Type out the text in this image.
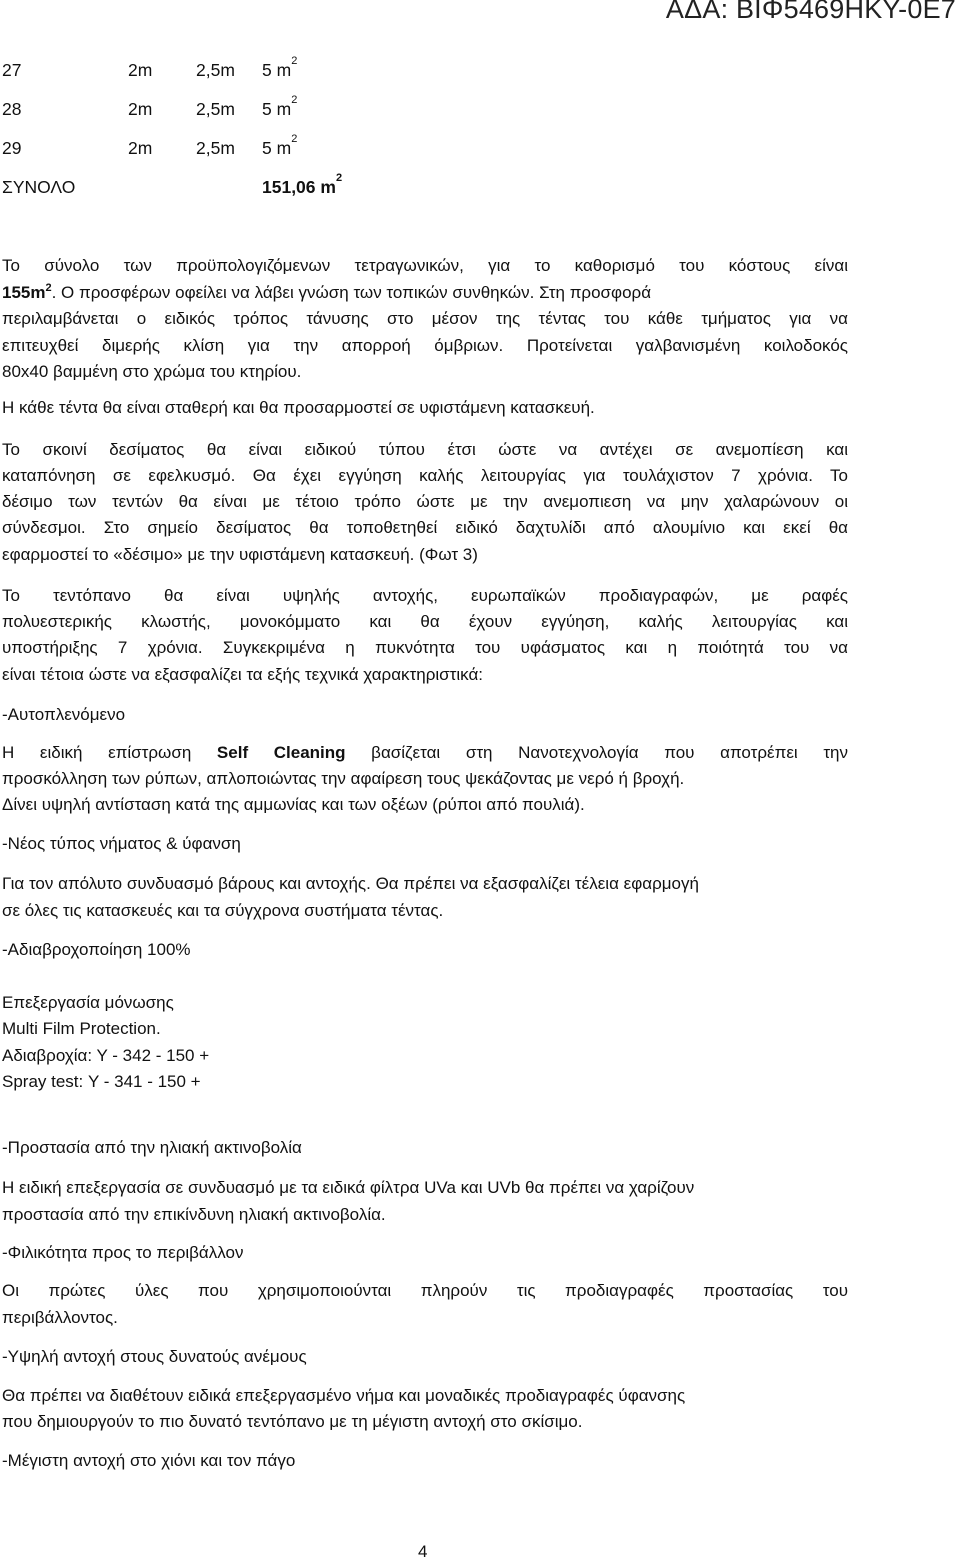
ΑΔΑ: ΒΙΦ5469ΗΚΥ-0Ε7
27	2m 2,5m 5 $m^2$
28	2m 2,5m 5 $m^2$
29	2m 2,5m 5 $m^2$
ΣΥΝΟΛΟ	151,06 $m^2$
Το σύνολο των προϋπολογιζόμενων τετραγωνικών, για το καθορισμό του κόστους είναι
$155m^2$. Ο προσφέρων οφείλει να λάβει γνώση των τοπικών συνθηκών. Στη προσφορά
περιλαμβάνεται ο ειδικός τρόπος τάνυσης στο μέσον της τέντας του κάθε τμήματος για να
επιτευχθεί διμερής κλίση για την απορροή όμβριων. Προτείνεται γαλβανισμένη κοιλοδοκός
80x40 βαμμένη στο χρώμα του κτηρίου.
Η κάθε τέντα θα είναι σταθερή και θα προσαρμοστεί σε υφιστάμενη κατασκευή.
Το σκοινί δεσίματος θα είναι ειδικού τύπου έτσι ώστε να αντέχει σε ανεμοπίεση και
καταπόνηση σε εφελκυσμό. Θα έχει εγγύηση καλής λειτουργίας για τουλάχιστον 7 χρόνια. Το
δέσιμο των τεντών θα είναι με τέτοιο τρόπο ώστε με την ανεμοπιεση να μην χαλαρώνουν οι
σύνδεσμοι. Στο σημείο δεσίματος θα τοποθετηθεί ειδικό δαχτυλίδι από αλουμίνιο και εκεί θα
εφαρμοστεί το «δέσιμο» με την υφιστάμενη κατασκευή. (Φωτ 3)
Το τεντόπανο θα είναι υψηλής αντοχής, ευρωπαϊκών προδιαγραφών, με ραφές
πολυεστερικής κλωστής, μονοκόμματο και θα έχουν εγγύηση, καλής λειτουργίας και
υποστήριξης 7 χρόνια. Συγκεκριμένα η πυκνότητα του υφάσματος και η ποιότητά του να
είναι τέτοια ώστε να εξασφαλίζει τα εξής τεχνικά χαρακτηριστικά:
-Αυτοπλενόμενο
Η ειδική επίστρωση Self Cleaning βασίζεται στη Νανοτεχνολογία που αποτρέπει την
προσκόλληση των ρύπων, απλοποιώντας την αφαίρεση τους ψεκάζοντας με νερό ή βροχή.
Δίνει υψηλή αντίσταση κατά της αμμωνίας και των οξέων (ρύποι από πουλιά).
-Νέος τύπος νήματος & ύφανση
Για τον απόλυτο συνδυασμό βάρους και αντοχής. Θα πρέπει να εξασφαλίζει τέλεια εφαρμογή
σε όλες τις κατασκευές και τα σύγχρονα συστήματα τέντας.
-Αδιαβροχοποίηση 100%
Επεξεργασία μόνωσης
Multi Film Protection.
Αδιαβροχία: Υ - 342 - 150 +
Spray test: Υ - 341 - 150 +
-Προστασία από την ηλιακή ακτινοβολία
Η ειδική επεξεργασία σε συνδυασμό με τα ειδικά φίλτρα UVa και UVb θα πρέπει να χαρίζουν
προστασία από την επικίνδυνη ηλιακή ακτινοβολία.
-Φιλικότητα προς το περιβάλλον
Οι πρώτες ύλες που χρησιμοποιούνται πληρούν τις προδιαγραφές προστασίας του
περιβάλλοντος.
-Υψηλή αντοχή στους δυνατούς ανέμους
Θα πρέπει να διαθέτουν ειδικά επεξεργασμένο νήμα και μοναδικές προδιαγραφές ύφανσης
που δημιουργούν το πιο δυνατό τεντόπανο με τη μέγιστη αντοχή στο σκίσιμο.
-Μέγιστη αντοχή στο χιόνι και τον πάγο
4
